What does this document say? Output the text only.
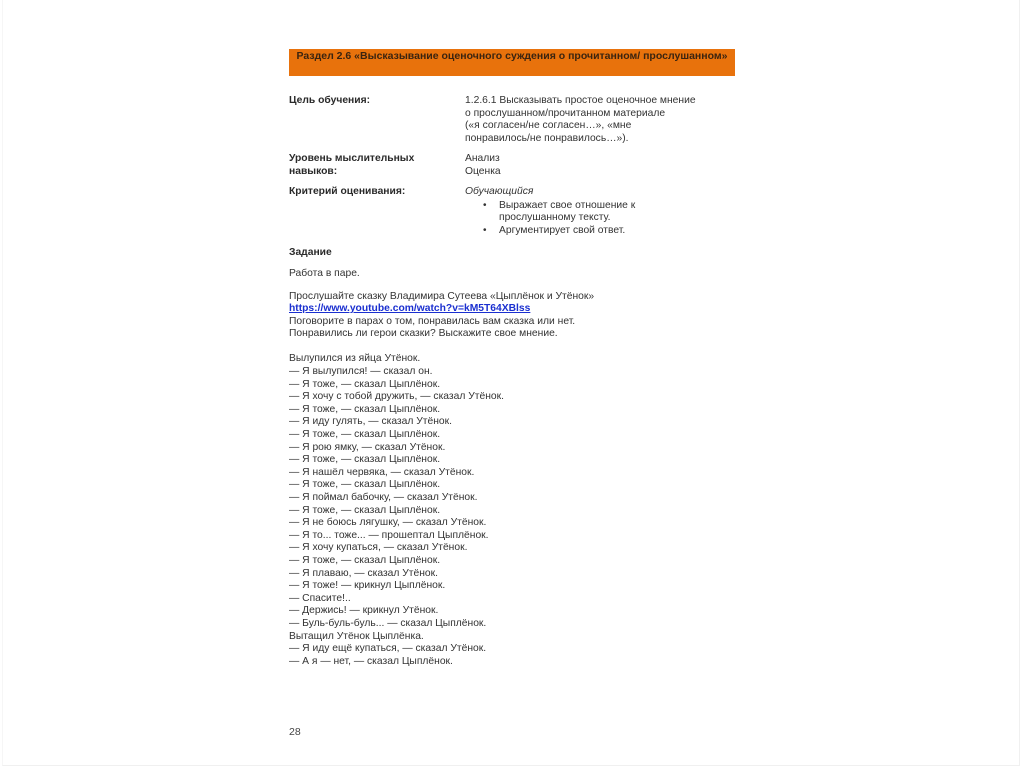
Раздел 2.6 «Высказывание оценочного суждения о прочитанном/ прослушанном»
Цель обучения:	1.2.6.1 Высказывать простое оценочное мнение
о прослушанном/прочитанном материале
(«я согласен/не согласен…», «мне
понравилось/не понравилось…»).
Уровень мыслительных
навыков:
Анализ
Оценка
Критерий оценивания:	Обучающийся
• Выражает свое отношение к
прослушанному тексту.
• Аргументирует свой ответ.
Задание
Работа в паре.
Прослушайте сказку Владимира Сутеева «Цыплёнок и Утёнок»
https://www.youtube.com/watch?v=kM5T64XBlss
Поговорите в парах о том, понравилась вам сказка или нет.
Понравились ли герои сказки? Выскажите свое мнение.
Вылупился из яйца Утёнок.
— Я вылупился! — сказал он.
— Я тоже, — сказал Цыплёнок.
— Я хочу с тобой дружить, — сказал Утёнок.
— Я тоже, — сказал Цыплёнок.
— Я иду гулять, — сказал Утёнок.
— Я тоже, — сказал Цыплёнок.
— Я рою ямку, — сказал Утёнок.
— Я тоже, — сказал Цыплёнок.
— Я нашёл червяка, — сказал Утёнок.
— Я тоже, — сказал Цыплёнок.
— Я поймал бабочку, — сказал Утёнок.
— Я тоже, — сказал Цыплёнок.
— Я не боюсь лягушку, — сказал Утёнок.
— Я то... тоже... — прошептал Цыплёнок.
— Я хочу купаться, — сказал Утёнок.
— Я тоже, — сказал Цыплёнок.
— Я плаваю, — сказал Утёнок.
— Я тоже! — крикнул Цыплёнок.
— Спасите!..
— Держись! — крикнул Утёнок.
— Буль-буль-буль... — сказал Цыплёнок.
Вытащил Утёнок Цыплёнка.
— Я иду ещё купаться, — сказал Утёнок.
— А я — нет, — сказал Цыплёнок.
28
